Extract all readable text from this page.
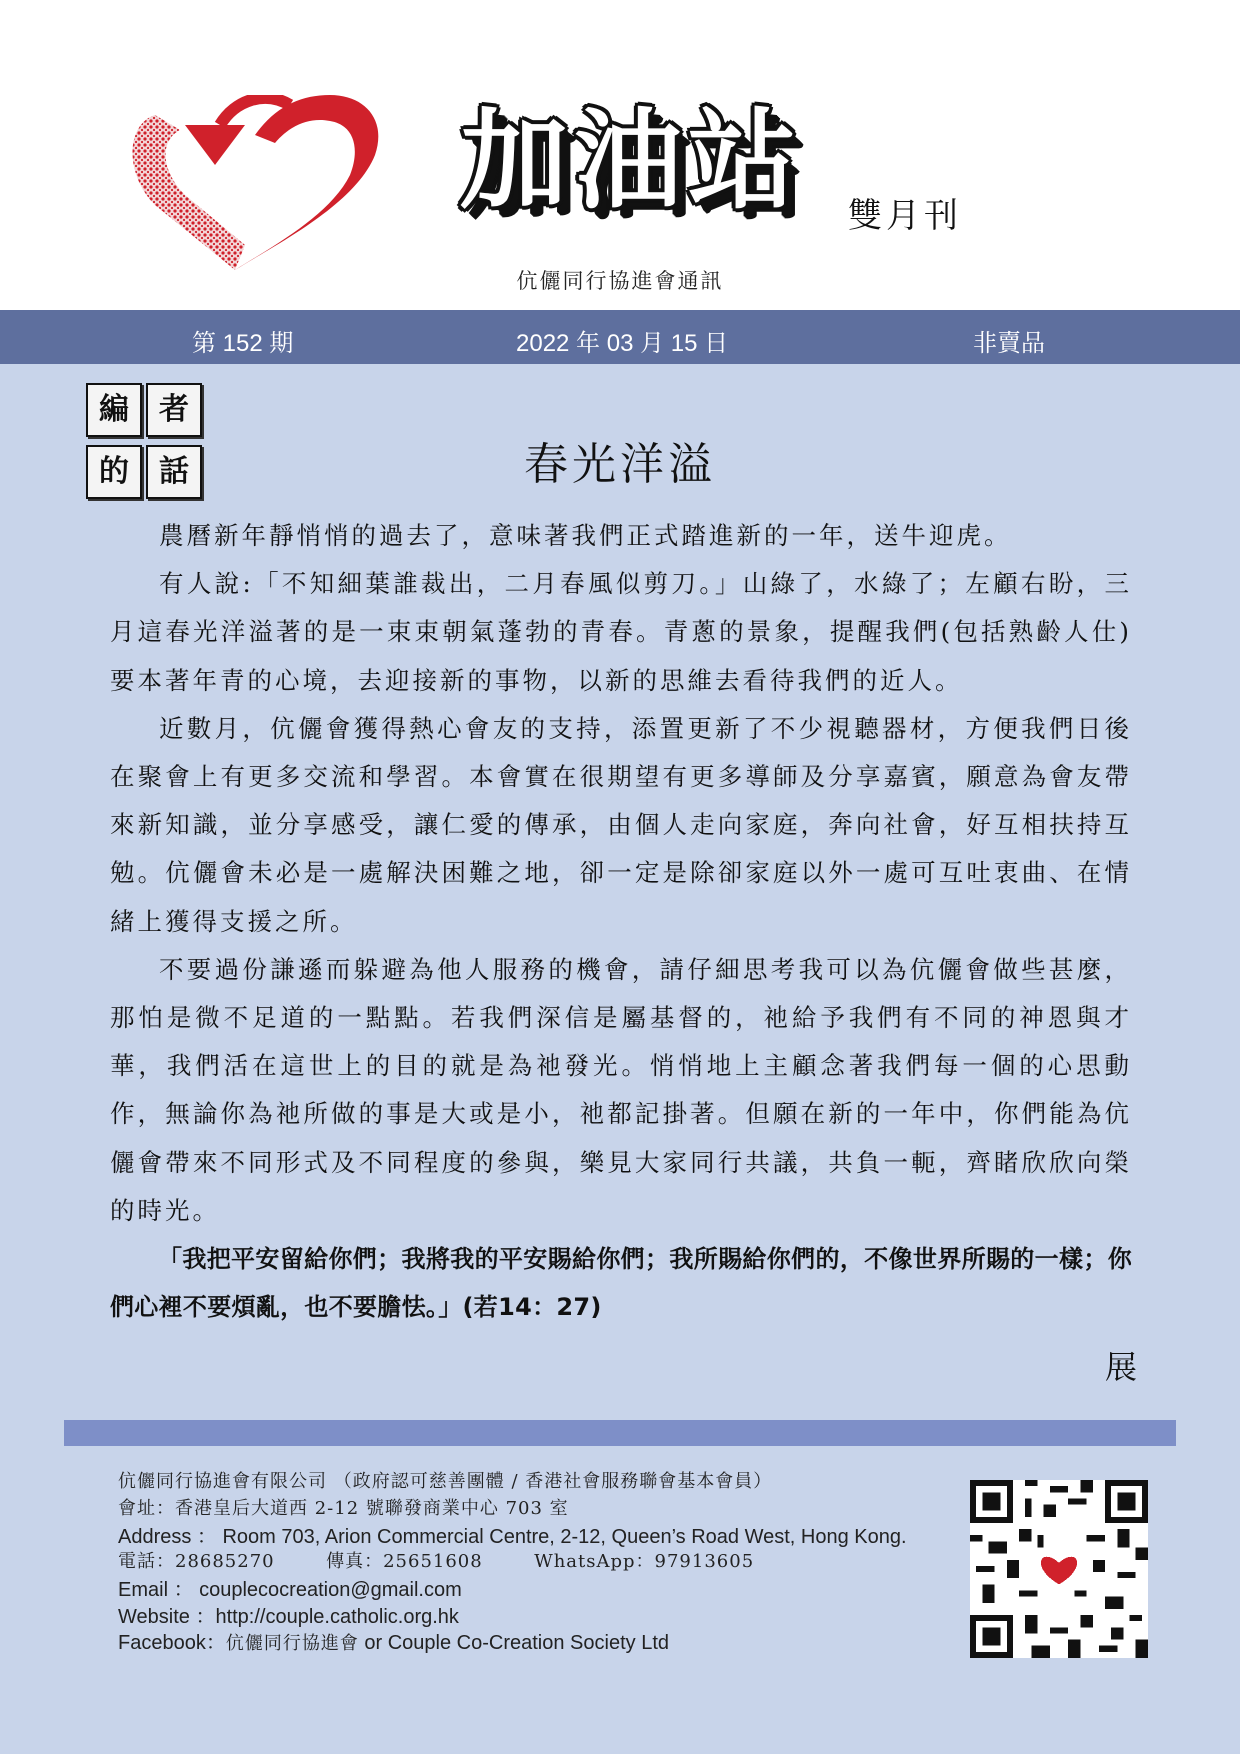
加油站 雙月刊
伉儷同行協進會通訊
第 152 期	2022 年 03 月 15 日	非賣品
編	者
的	話	春光洋溢

農曆新年靜悄悄的過去了，意味著我們正式踏進新的一年，送牛迎虎。

有人說:「不知細葉誰裁出，二月春風似剪刀。」山綠了，水綠了；左顧右盼，三月這春光洋溢著的是一束束朝氣蓬勃的青春。青蔥的景象，提醒我們(包括熟齡人仕)要本著年青的心境，去迎接新的事物，以新的思維去看待我們的近人。

近數月，伉儷會獲得熱心會友的支持，添置更新了不少視聽器材，方便我們日後在聚會上有更多交流和學習。本會實在很期望有更多導師及分享嘉賓，願意為會友帶來新知識，並分享感受，讓仁愛的傳承，由個人走向家庭，奔向社會，好互相扶持互勉。伉儷會未必是一處解決困難之地，卻一定是除卻家庭以外一處可互吐衷曲、在情緒上獲得支援之所。

不要過份謙遜而躲避為他人服務的機會，請仔細思考我可以為伉儷會做些甚麼，那怕是微不足道的一點點。若我們深信是屬基督的，祂給予我們有不同的神恩與才華，我們活在這世上的目的就是為祂發光。悄悄地上主顧念著我們每一個的心思動作，無論你為祂所做的事是大或是小，祂都記掛著。但願在新的一年中，你們能為伉儷會帶來不同形式及不同程度的參與，樂見大家同行共議，共負一軛，齊睹欣欣向榮的時光。

「我把平安留給你們；我將我的平安賜給你們；我所賜給你們的，不像世界所賜的一樣；你們心裡不要煩亂，也不要膽怯。」(若14：27)

展
伉儷同行協進會有限公司 （政府認可慈善團體 / 香港社會服務聯會基本會員）
會址：香港皇后大道西 2-12 號聯發商業中心 703 室
Address ： Room 703, Arion Commercial Centre, 2-12, Queen’s Road West, Hong Kong.
電話：28685270	傳真：25651608	WhatsApp：97913605
Email ： couplecocreation@gmail.com
Website ：http://couple.catholic.org.hk
Facebook：伉儷同行協進會 or Couple Co-Creation Society Ltd
